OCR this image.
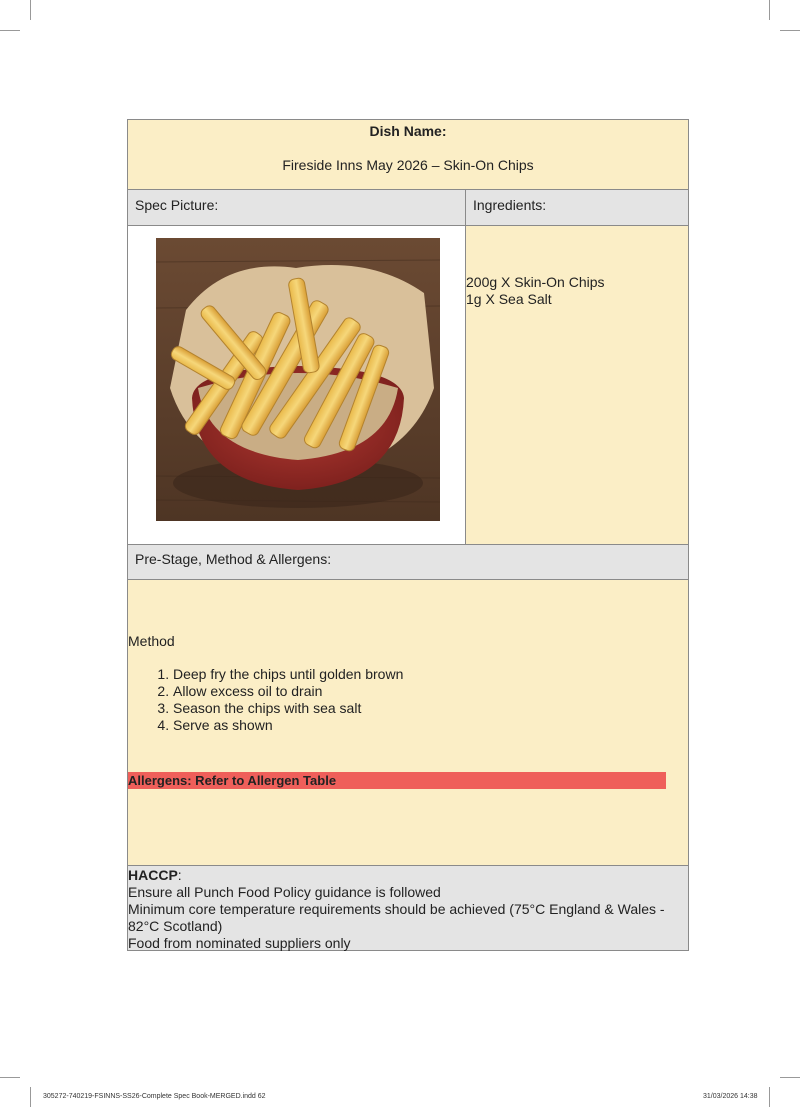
Dish Name:
Fireside Inns May 2026 – Skin-On Chips
Spec Picture:	Ingredients:
200g X Skin-On Chips
1g X Sea Salt
Pre-Stage, Method & Allergens:
Method
1. Deep fry the chips until golden brown
2. Allow excess oil to drain
3. Season the chips with sea salt
4. Serve as shown
Allergens: Refer to Allergen Table
HACCP:
Ensure all Punch Food Policy guidance is followed
Minimum core temperature requirements should be achieved (75°C England & Wales - 82°C Scotland)
Food from nominated suppliers only
305272-740219-FSINNS-SS26-Complete Spec Book-MERGED.indd 62	31/03/2026 14:38
